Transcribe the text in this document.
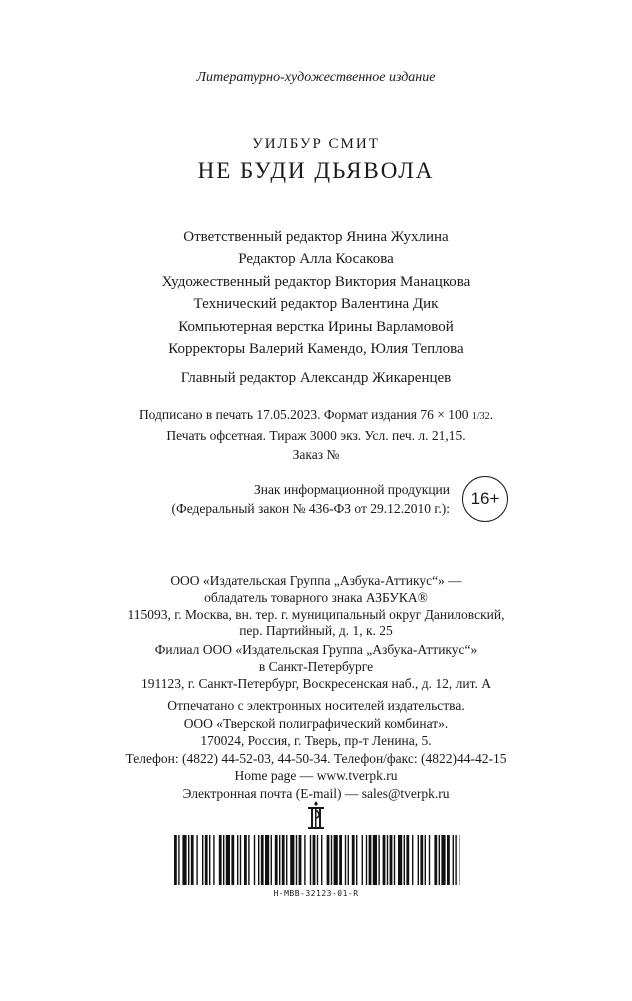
Литературно-художественное издание
УИЛБУР СМИТ
НЕ БУДИ ДЬЯВОЛА
Ответственный редактор Янина Жухлина
Редактор Алла Косакова
Художественный редактор Виктория Манацкова
Технический редактор Валентина Дик
Компьютерная верстка Ирины Варламовой
Корректоры Валерий Камендо, Юлия Теплова
Главный редактор Александр Жикаренцев
Подписано в печать 17.05.2023. Формат издания 76 × 100 1/32.
Печать офсетная. Тираж 3000 экз. Усл. печ. л. 21,15.
Заказ №
Знак информационной продукции
(Федеральный закон № 436-ФЗ от 29.12.2010 г.):
16+
ООО «Издательская Группа „Азбука-Аттикус“» —
обладатель товарного знака АЗБУКА®
115093, г. Москва, вн. тер. г. муниципальный округ Даниловский,
пер. Партийный, д. 1, к. 25
Филиал ООО «Издательская Группа „Азбука-Аттикус“»
в Санкт-Петербурге
191123, г. Санкт-Петербург, Воскресенская наб., д. 12, лит. А
Отпечатано с электронных носителей издательства.
ООО «Тверской полиграфический комбинат».
170024, Россия, г. Тверь, пр-т Ленина, 5.
Телефон: (4822) 44-52-03, 44-50-34. Телефон/факс: (4822)44-42-15
Home page — www.tverpk.ru
Электронная почта (E-mail) — sales@tverpk.ru
H-MBB-32123-01-R
